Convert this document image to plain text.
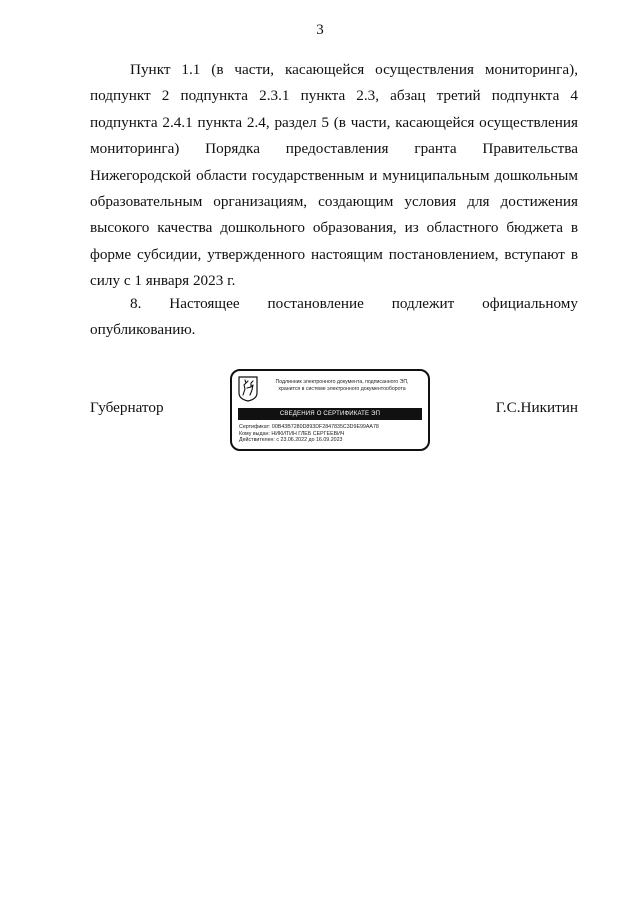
3

Пункт 1.1 (в части, касающейся осуществления мониторинга), подпункт 2 подпункта 2.3.1 пункта 2.3, абзац третий подпункта 4 подпункта 2.4.1 пункта 2.4, раздел 5 (в части, касающейся осуществления мониторинга) Порядка предоставления гранта Правительства Нижегородской области государственным и муниципальным дошкольным образовательным организациям, создающим условия для достижения высокого качества дошкольного образования, из областного бюджета в форме субсидии, утвержденного настоящим постановлением, вступают в силу с 1 января 2023 г.

8. Настоящее постановление подлежит официальному опубликованию.

Губернатор
Подлинник электронного документа, подписанного ЭП,
хранится в системе электронного документооборота
СВЕДЕНИЯ О СЕРТИФИКАТЕ ЭП
Сертификат: 00B43B7280D893DF2847835C3D9E99AA78
Кому выдан: НИКИТИН ГЛЕБ СЕРГЕЕВИЧ
Действителен: с 23.06.2022 до 16.09.2023
Г.С.Никитин
